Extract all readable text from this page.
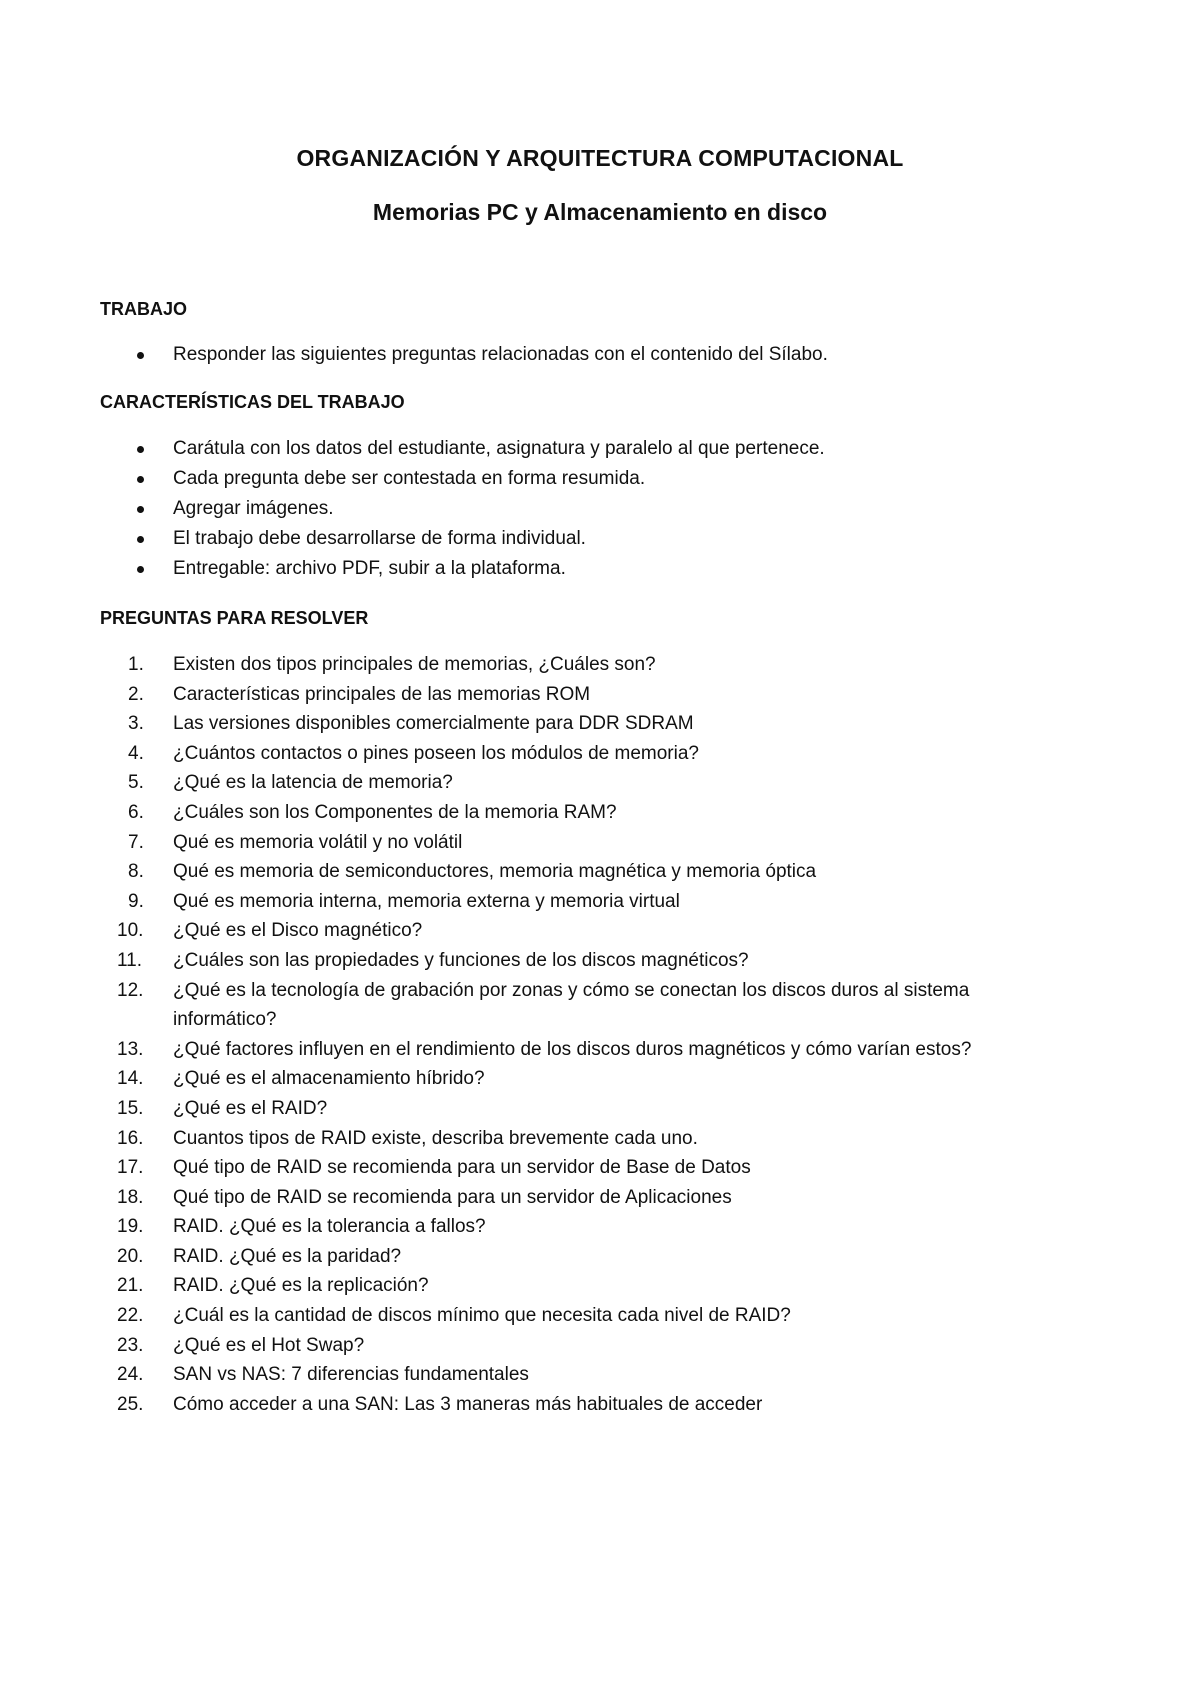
ORGANIZACIÓN Y ARQUITECTURA COMPUTACIONAL
Memorias PC y Almacenamiento en disco
TRABAJO
Responder las siguientes preguntas relacionadas con el contenido del Sílabo.
CARACTERÍSTICAS DEL TRABAJO
Carátula con los datos del estudiante, asignatura y paralelo al que pertenece.
Cada pregunta debe ser contestada en forma resumida.
Agregar imágenes.
El trabajo debe desarrollarse de forma individual.
Entregable: archivo PDF, subir a la plataforma.
PREGUNTAS PARA RESOLVER
1.	Existen dos tipos principales de memorias, ¿Cuáles son?
2.	Características principales de las memorias ROM
3.	Las versiones disponibles comercialmente para DDR SDRAM
4.	¿Cuántos contactos o pines poseen los módulos de memoria?
5.	¿Qué es la latencia de memoria?
6.	¿Cuáles son los Componentes de la memoria RAM?
7.	Qué es memoria volátil y no volátil
8.	Qué es memoria de semiconductores, memoria magnética y memoria óptica
9.	Qué es memoria interna, memoria externa y memoria virtual
10.	¿Qué es el Disco magnético?
11.	¿Cuáles son las propiedades y funciones de los discos magnéticos?
12.	¿Qué es la tecnología de grabación por zonas y cómo se conectan los discos duros al sistema informático?
13.	¿Qué factores influyen en el rendimiento de los discos duros magnéticos y cómo varían estos?
14.	¿Qué es el almacenamiento híbrido?
15.	¿Qué es el RAID?
16.	Cuantos tipos de RAID existe, describa brevemente cada uno.
17.	Qué tipo de RAID se recomienda para un servidor de Base de Datos
18.	Qué tipo de RAID se recomienda para un servidor de Aplicaciones
19.	RAID. ¿Qué es la tolerancia a fallos?
20.	RAID. ¿Qué es la paridad?
21.	RAID. ¿Qué es la replicación?
22.	¿Cuál es la cantidad de discos mínimo que necesita cada nivel de RAID?
23.	¿Qué es el Hot Swap?
24.	SAN vs NAS: 7 diferencias fundamentales
25.	Cómo acceder a una SAN: Las 3 maneras más habituales de acceder
